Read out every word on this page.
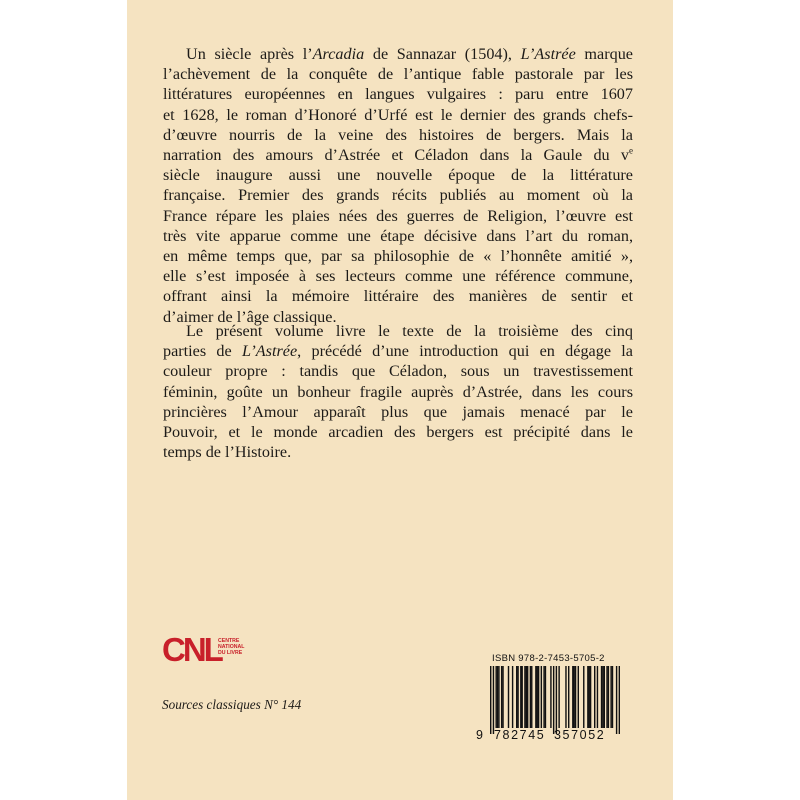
Un siècle après l’Arcadia de Sannazar (1504), L’Astrée marque
l’achèvement de la conquête de l’antique fable pastorale par les
littératures européennes en langues vulgaires : paru entre 1607
et 1628, le roman d’Honoré d’Urfé est le dernier des grands chefs-
d’œuvre nourris de la veine des histoires de bergers. Mais la
narration des amours d’Astrée et Céladon dans la Gaule du $v^e$
siècle inaugure aussi une nouvelle époque de la littérature
française. Premier des grands récits publiés au moment où la
France répare les plaies nées des guerres de Religion, l’œuvre est
très vite apparue comme une étape décisive dans l’art du roman,
en même temps que, par sa philosophie de « l’honnête amitié »,
elle s’est imposée à ses lecteurs comme une référence commune,
offrant ainsi la mémoire littéraire des manières de sentir et
d’aimer de l’âge classique.
Le présent volume livre le texte de la troisième des cinq
parties de L’Astrée, précédé d’une introduction qui en dégage la
couleur propre : tandis que Céladon, sous un travestissement
féminin, goûte un bonheur fragile auprès d’Astrée, dans les cours
princières l’Amour apparaît plus que jamais menacé par le
Pouvoir, et le monde arcadien des bergers est précipité dans le
temps de l’Histoire.
CNL
CENTRE
NATIONAL
DU LIVRE
Sources classiques N° 144
ISBN 978-2-7453-5705-2
9 782745 357052
